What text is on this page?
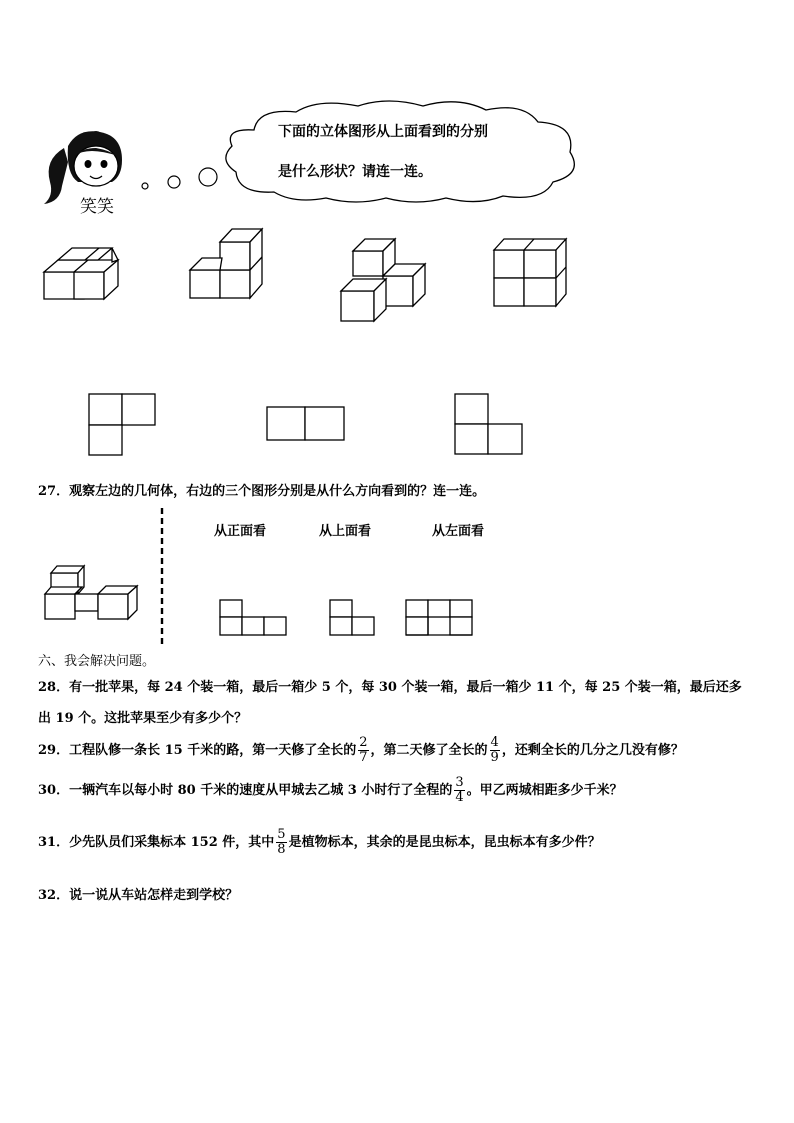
笑笑
下面的立体图形从上面看到的分别
是什么形状？请连一连。
27．观察左边的几何体，右边的三个图形分别是从什么方向看到的？连一连。
从正面看	从上面看	从左面看
六、我会解决问题。
28．有一批苹果，每 24 个装一箱，最后一箱少 5 个，每 30 个装一箱，最后一箱少 11 个，每 25 个装一箱，最后还多
出 19 个。这批苹果至少有多少个？
29．工程队修一条长 15 千米的路，第一天修了全长的 $\frac{2}{7}$ ，第二天修了全长的 $\frac{4}{9}$ ，还剩全长的几分之几没有修？
30．一辆汽车以每小时 80 千米的速度从甲城去乙城 3 小时行了全程的 $\frac{3}{4}$ 。甲乙两城相距多少千米？
31．少先队员们采集标本 152 件，其中 $\frac{5}{8}$ 是植物标本，其余的是昆虫标本，昆虫标本有多少件？
32．说一说从车站怎样走到学校？
